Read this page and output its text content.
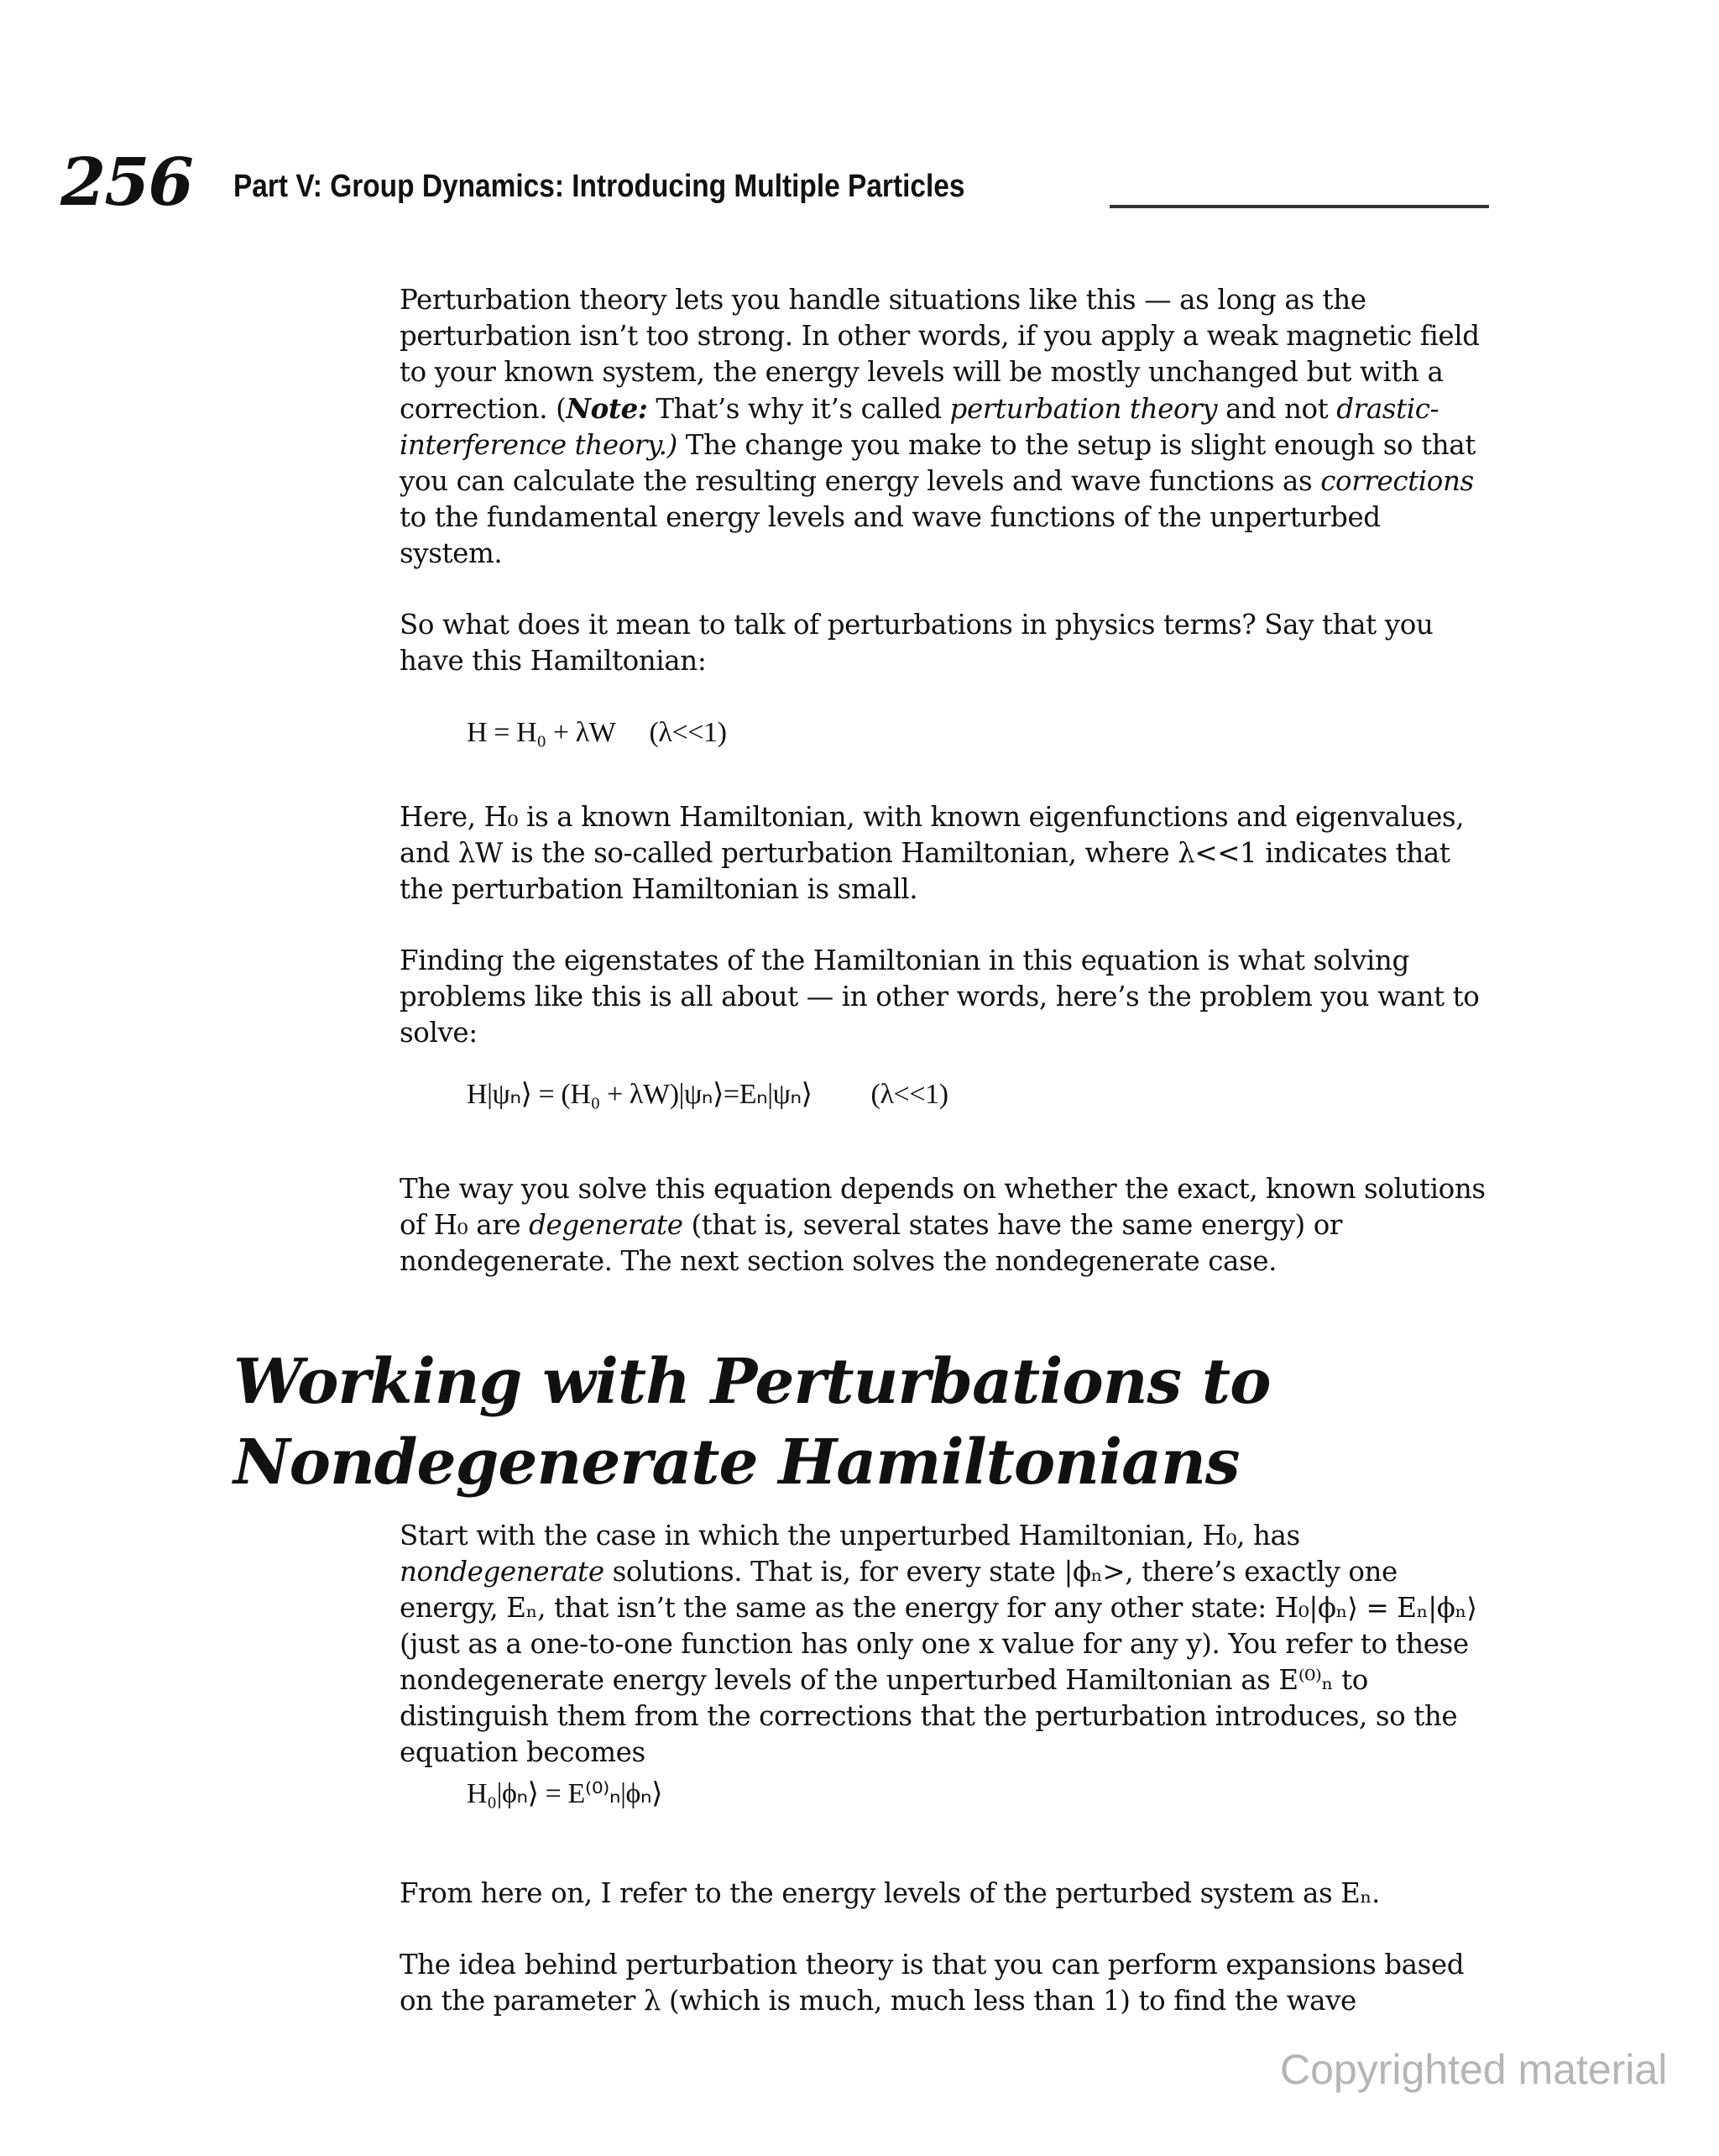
256 Part V: Group Dynamics: Introducing Multiple Particles

Perturbation theory lets you handle situations like this — as long as the perturbation isn’t too strong. In other words, if you apply a weak magnetic field to your known system, the energy levels will be mostly unchanged but with a correction. (Note: That’s why it’s called perturbation theory and not drastic-interference theory.) The change you make to the setup is slight enough so that you can calculate the resulting energy levels and wave functions as corrections to the fundamental energy levels and wave functions of the unperturbed system.

So what does it mean to talk of perturbations in physics terms? Say that you have this Hamiltonian:

H = H₀ + λW (λ<<1)

Here, H₀ is a known Hamiltonian, with known eigenfunctions and eigenvalues, and λW is the so-called perturbation Hamiltonian, where λ<<1 indicates that the perturbation Hamiltonian is small.

Finding the eigenstates of the Hamiltonian in this equation is what solving problems like this is all about — in other words, here’s the problem you want to solve:

H|ψₙ⟩ = (H₀ + λW)|ψₙ⟩=Eₙ|ψₙ⟩ (λ<<1)

The way you solve this equation depends on whether the exact, known solutions of H₀ are degenerate (that is, several states have the same energy) or nondegenerate. The next section solves the nondegenerate case.

Working with Perturbations to Nondegenerate Hamiltonians

Start with the case in which the unperturbed Hamiltonian, H₀, has nondegenerate solutions. That is, for every state |ϕₙ>, there’s exactly one energy, Eₙ, that isn’t the same as the energy for any other state: H₀|ϕₙ⟩ = Eₙ|ϕₙ⟩ (just as a one-to-one function has only one x value for any y). You refer to these nondegenerate energy levels of the unperturbed Hamiltonian as E⁽⁰⁾ₙ to distinguish them from the corrections that the perturbation introduces, so the equation becomes

H₀|ϕₙ⟩ = E⁽⁰⁾ₙ|ϕₙ⟩

From here on, I refer to the energy levels of the perturbed system as Eₙ.

The idea behind perturbation theory is that you can perform expansions based on the parameter λ (which is much, much less than 1) to find the wave

Copyrighted material
